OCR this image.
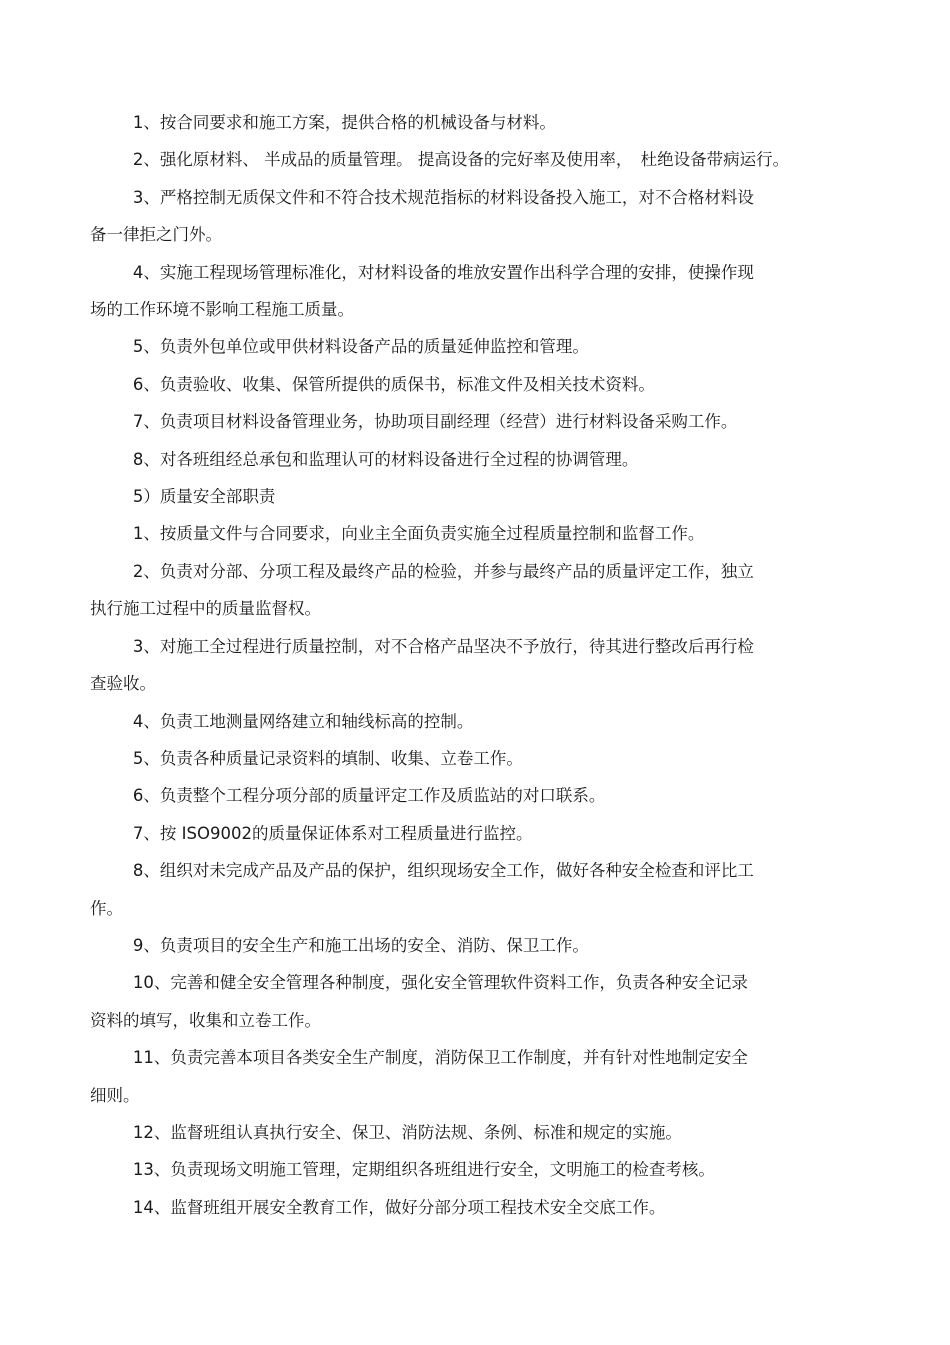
1、按合同要求和施工方案，提供合格的机械设备与材料。

2、强化原材料、 半成品的质量管理。 提高设备的完好率及使用率，　杜绝设备带病运行。

3、严格控制无质保文件和不符合技术规范指标的材料设备投入施工，对不合格材料设
备一律拒之门外。

4、实施工程现场管理标准化，对材料设备的堆放安置作出科学合理的安排，使操作现
场的工作环境不影响工程施工质量。

5、负责外包单位或甲供材料设备产品的质量延伸监控和管理。

6、负责验收、收集、保管所提供的质保书，标准文件及相关技术资料。

7、负责项目材料设备管理业务，协助项目副经理（经营）进行材料设备采购工作。

8、对各班组经总承包和监理认可的材料设备进行全过程的协调管理。

5）质量安全部职责

1、按质量文件与合同要求，向业主全面负责实施全过程质量控制和监督工作。

2、负责对分部、分项工程及最终产品的检验，并参与最终产品的质量评定工作，独立
执行施工过程中的质量监督权。

3、对施工全过程进行质量控制，对不合格产品坚决不予放行，待其进行整改后再行检
查验收。

4、负责工地测量网络建立和轴线标高的控制。

5、负责各种质量记录资料的填制、收集、立卷工作。

6、负责整个工程分项分部的质量评定工作及质监站的对口联系。

7、按 ISO9002的质量保证体系对工程质量进行监控。

8、组织对未完成产品及产品的保护，组织现场安全工作，做好各种安全检查和评比工
作。

9、负责项目的安全生产和施工出场的安全、消防、保卫工作。

10、完善和健全安全管理各种制度，强化安全管理软件资料工作，负责各种安全记录
资料的填写，收集和立卷工作。

11、负责完善本项目各类安全生产制度，消防保卫工作制度，并有针对性地制定安全
细则。

12、监督班组认真执行安全、保卫、消防法规、条例、标准和规定的实施。

13、负责现场文明施工管理，定期组织各班组进行安全，文明施工的检查考核。

14、监督班组开展安全教育工作，做好分部分项工程技术安全交底工作。
